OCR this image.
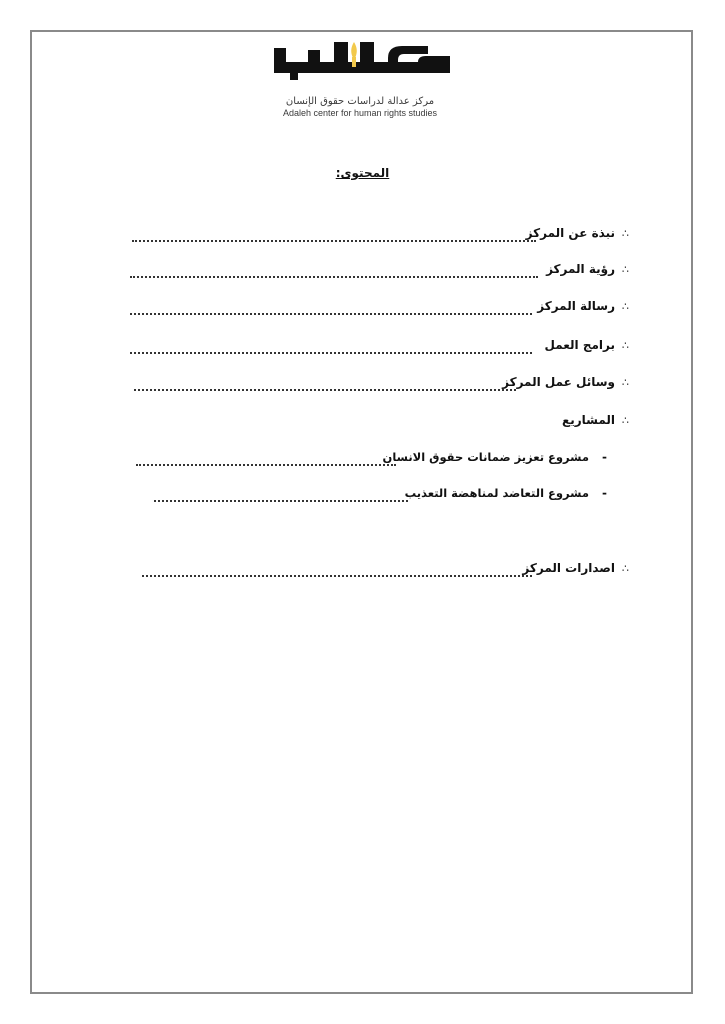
مركز عدالة لدراسات حقوق الإنسان
Adaleh center for human rights studies
المحتوى:
∴
نبذة عن المركز
∴
رؤية المركز
∴
رسالة المركز
∴
برامج العمل
∴
وسائل عمل المركز
∴
المشاريع
-
مشروع تعزيز ضمانات حقوق الانسان
-
مشروع التعاضد لمناهضة التعذيب
∴
اصدارات المركز
